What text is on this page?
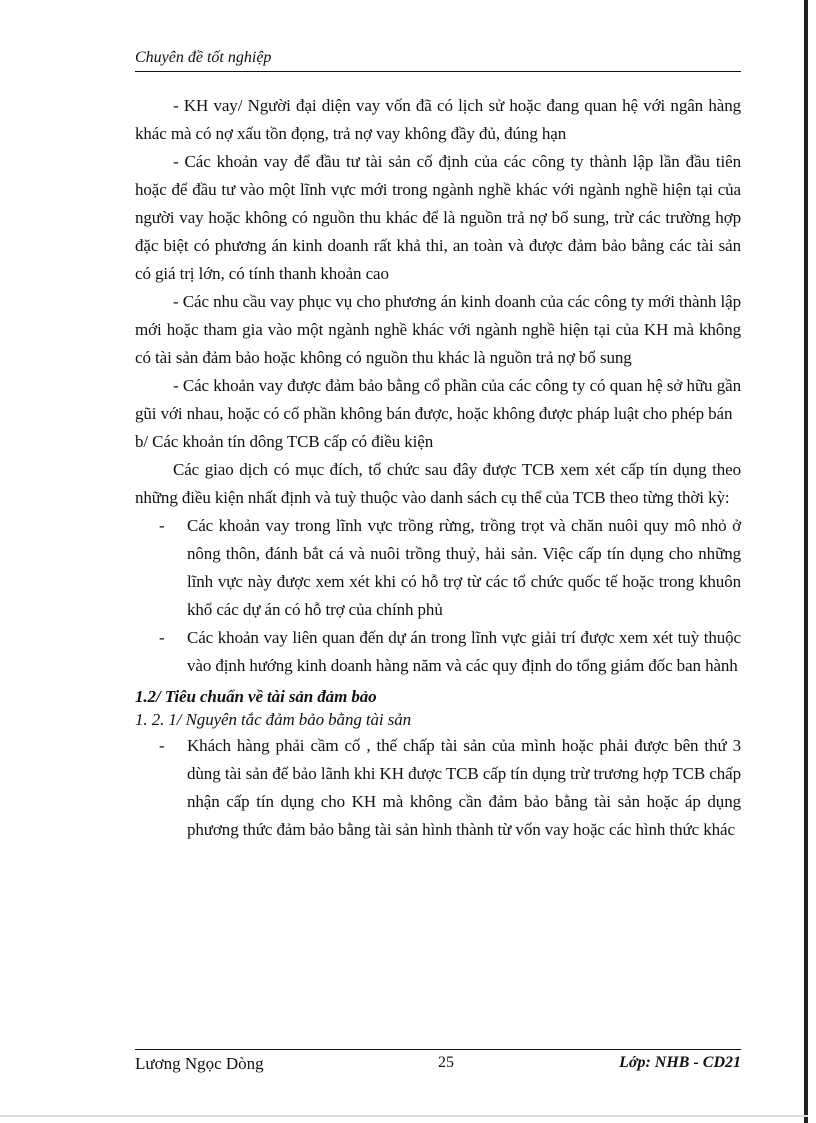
Chuyên đề tốt nghiệp

- KH vay/ Người đại diện vay vốn đã có lịch sử hoặc đang quan hệ với ngân hàng khác mà có nợ xấu tồn đọng, trả nợ vay không đầy đủ, đúng hạn

- Các khoản vay để đầu tư tài sản cố định của các công ty thành lập lần đầu tiên hoặc để đầu tư vào một lĩnh vực mới trong ngành nghề khác với ngành nghề hiện tại của người vay hoặc không có nguồn thu khác để là nguồn trả nợ bổ sung, trừ các trường hợp đặc biệt có phương án kinh doanh rất khả thi, an toàn và được đảm bảo bằng các tài sản có giá trị lớn, có tính thanh khoản cao

- Các nhu cầu vay phục vụ cho phương án kinh doanh của các công ty mới thành lập mới hoặc tham gia vào một ngành nghề khác với ngành nghề hiện tại của KH mà không có tài sản đảm bảo hoặc không có nguồn thu khác là nguồn trả nợ bổ sung

- Các khoản vay được đảm bảo bằng cổ phần của các công ty có quan hệ sở hữu gần gũi với nhau, hoặc có cổ phần không bán được, hoặc không được pháp luật cho phép bán

b/ Các khoản tín dông TCB cấp có điều kiện

Các giao dịch có mục đích, tổ chức sau đây được TCB xem xét cấp tín dụng theo những điều kiện nhất định và tuỳ thuộc vào danh sách cụ thể của TCB theo từng thời kỳ:

-	Các khoản vay trong lĩnh vực trồng rừng, trồng trọt và chăn nuôi quy mô nhỏ ở nông thôn, đánh bắt cá và nuôi trồng thuỷ, hải sản. Việc cấp tín dụng cho những lĩnh vực này được xem xét khi có hỗ trợ từ các tổ chức quốc tế hoặc trong khuôn khổ các dự án có hỗ trợ của chính phủ
-	Các khoản vay liên quan đến dự án trong lĩnh vực giải trí được xem xét tuỳ thuộc vào định hướng kinh doanh hàng năm và các quy định do tổng giám đốc ban hành

1.2/ Tiêu chuẩn về tài sản đảm bảo

1. 2. 1/ Nguyên tắc đảm bảo bằng tài sản

-	Khách hàng phải cầm cố , thế chấp tài sản của mình hoặc phải được bên thứ 3 dùng tài sản để bảo lãnh khi KH được TCB cấp tín dụng trừ trương hợp TCB chấp nhận cấp tín dụng cho KH mà không cần đảm bảo bằng tài sản hoặc áp dụng phương thức đảm bảo bằng tài sản hình thành từ vốn vay hoặc các hình thức khác
Lương Ngọc Dòng	25	Lớp: NHB - CD21
